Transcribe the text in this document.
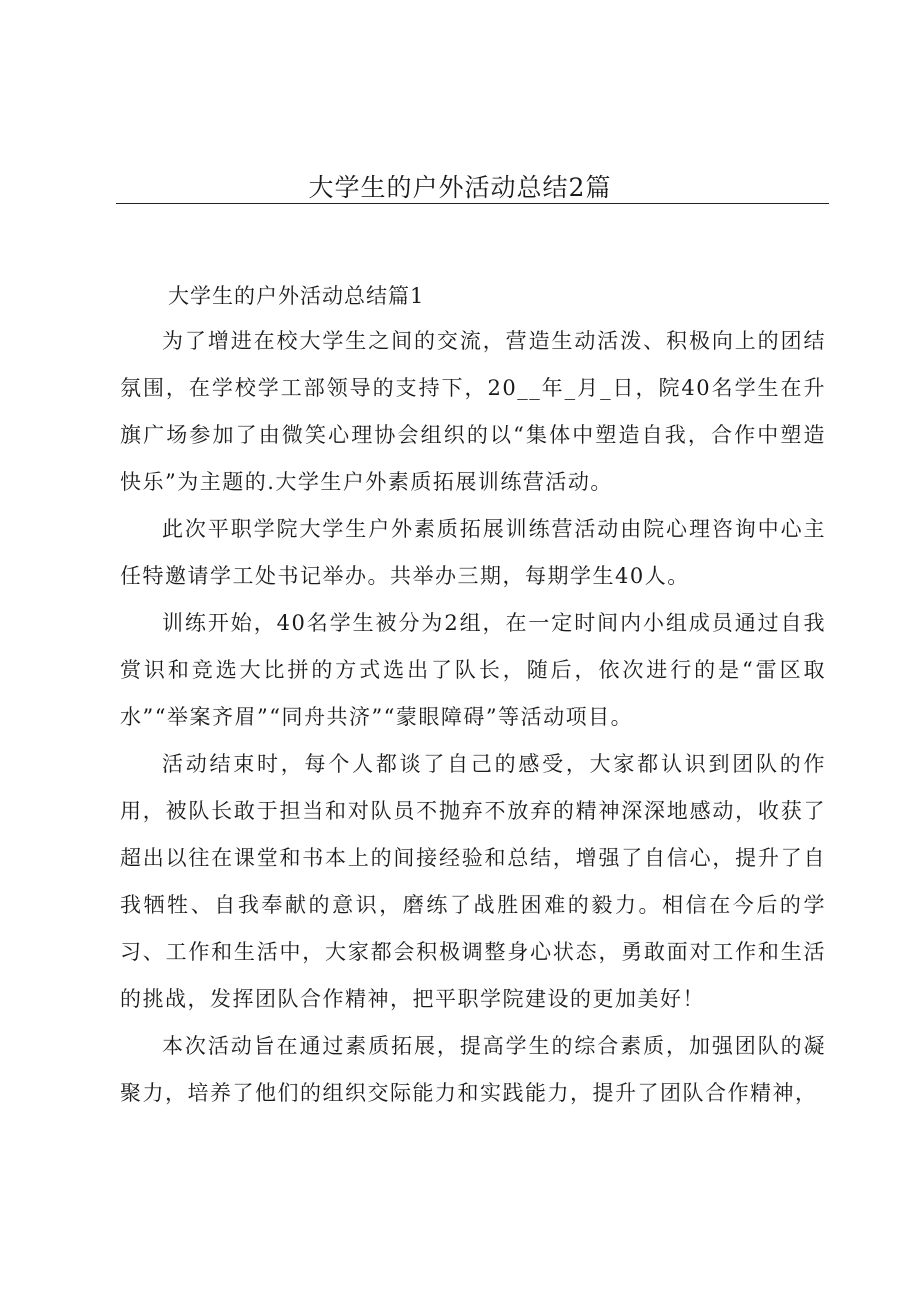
大学生的户外活动总结2篇
大学生的户外活动总结篇1

为了增进在校大学生之间的交流，营造生动活泼、积极向上的团结氛围，在学校学工部领导的支持下，20__年_月_日，院40名学生在升旗广场参加了由微笑心理协会组织的以“集体中塑造自我，合作中塑造快乐”为主题的.大学生户外素质拓展训练营活动。

此次平职学院大学生户外素质拓展训练营活动由院心理咨询中心主任特邀请学工处书记举办。共举办三期，每期学生40人。

训练开始，40名学生被分为2组，在一定时间内小组成员通过自我赏识和竞选大比拼的方式选出了队长，随后，依次进行的是“雷区取水”“举案齐眉”“同舟共济”“蒙眼障碍”等活动项目。

活动结束时，每个人都谈了自己的感受，大家都认识到团队的作用，被队长敢于担当和对队员不抛弃不放弃的精神深深地感动，收获了超出以往在课堂和书本上的间接经验和总结，增强了自信心，提升了自我牺牲、自我奉献的意识，磨练了战胜困难的毅力。相信在今后的学习、工作和生活中，大家都会积极调整身心状态，勇敢面对工作和生活的挑战，发挥团队合作精神，把平职学院建设的更加美好！

本次活动旨在通过素质拓展，提高学生的综合素质，加强团队的凝聚力，培养了他们的组织交际能力和实践能力，提升了团队合作精神，
